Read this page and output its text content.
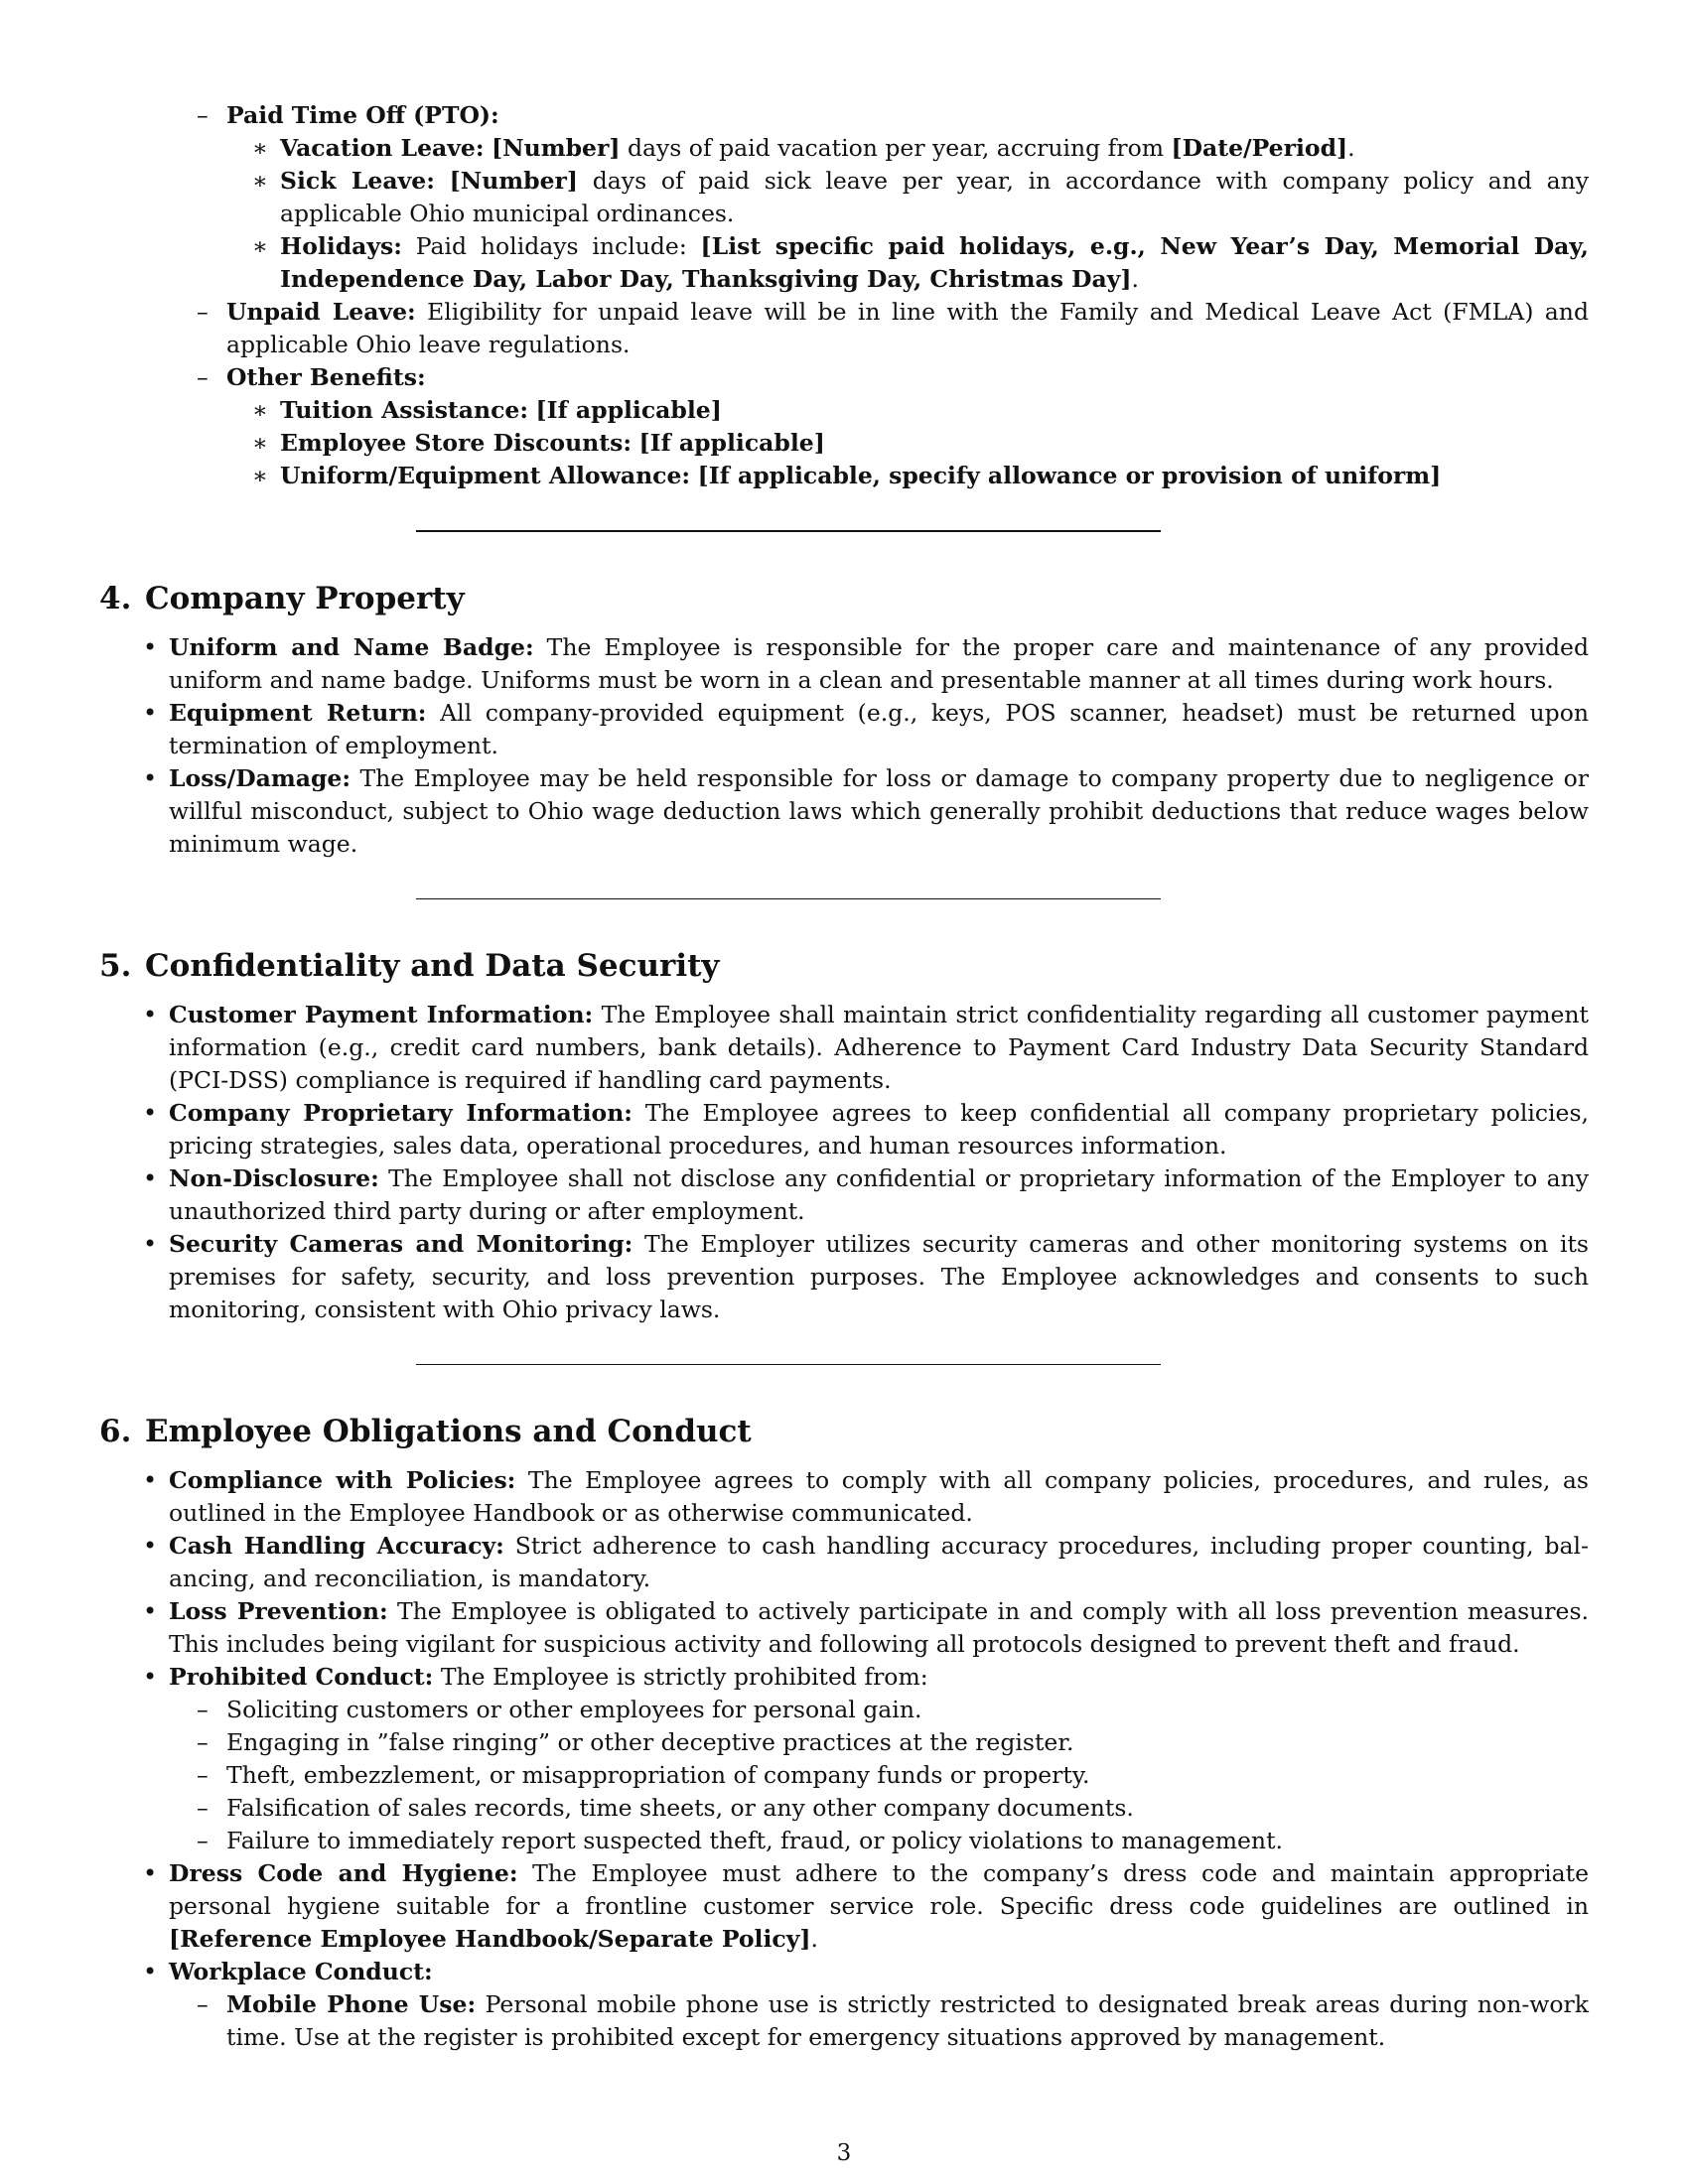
– Paid Time Off (PTO):
∗ Vacation Leave: [Number] days of paid vacation per year, accruing from [Date/Period].
∗ Sick Leave: [Number] days of paid sick leave per year, in accordance with company policy and any applicable Ohio municipal ordinances.
∗ Holidays: Paid holidays include: [List specific paid holidays, e.g., New Year’s Day, Memorial Day, Independence Day, Labor Day, Thanksgiving Day, Christmas Day].
– Unpaid Leave: Eligibility for unpaid leave will be in line with the Family and Medical Leave Act (FMLA) and applicable Ohio leave regulations.
– Other Benefits:
∗ Tuition Assistance: [If applicable]
∗ Employee Store Discounts: [If applicable]
∗ Uniform/Equipment Allowance: [If applicable, specify allowance or provision of uniform]
4. Company Property
• Uniform and Name Badge: The Employee is responsible for the proper care and maintenance of any provided uniform and name badge. Uniforms must be worn in a clean and presentable manner at all times during work hours.
• Equipment Return: All company-provided equipment (e.g., keys, POS scanner, headset) must be returned upon termination of employment.
• Loss/Damage: The Employee may be held responsible for loss or damage to company property due to negligence or willful misconduct, subject to Ohio wage deduction laws which generally prohibit deductions that reduce wages below minimum wage.
5. Confidentiality and Data Security
• Customer Payment Information: The Employee shall maintain strict confidentiality regarding all customer payment information (e.g., credit card numbers, bank details). Adherence to Payment Card Industry Data Security Standard (PCI-DSS) compliance is required if handling card payments.
• Company Proprietary Information: The Employee agrees to keep confidential all company proprietary policies, pricing strategies, sales data, operational procedures, and human resources information.
• Non-Disclosure: The Employee shall not disclose any confidential or proprietary information of the Employer to any unauthorized third party during or after employment.
• Security Cameras and Monitoring: The Employer utilizes security cameras and other monitoring systems on its premises for safety, security, and loss prevention purposes. The Employee acknowledges and consents to such monitoring, consistent with Ohio privacy laws.
6. Employee Obligations and Conduct
• Compliance with Policies: The Employee agrees to comply with all company policies, procedures, and rules, as outlined in the Employee Handbook or as otherwise communicated.
• Cash Handling Accuracy: Strict adherence to cash handling accuracy procedures, including proper counting, bal-ancing, and reconciliation, is mandatory.
• Loss Prevention: The Employee is obligated to actively participate in and comply with all loss prevention measures. This includes being vigilant for suspicious activity and following all protocols designed to prevent theft and fraud.
• Prohibited Conduct: The Employee is strictly prohibited from:
– Soliciting customers or other employees for personal gain.
– Engaging in ”false ringing” or other deceptive practices at the register.
– Theft, embezzlement, or misappropriation of company funds or property.
– Falsification of sales records, time sheets, or any other company documents.
– Failure to immediately report suspected theft, fraud, or policy violations to management.
• Dress Code and Hygiene: The Employee must adhere to the company’s dress code and maintain appropriate personal hygiene suitable for a frontline customer service role. Specific dress code guidelines are outlined in [Reference Employee Handbook/Separate Policy].
• Workplace Conduct:
– Mobile Phone Use: Personal mobile phone use is strictly restricted to designated break areas during non-work time. Use at the register is prohibited except for emergency situations approved by management.
3
